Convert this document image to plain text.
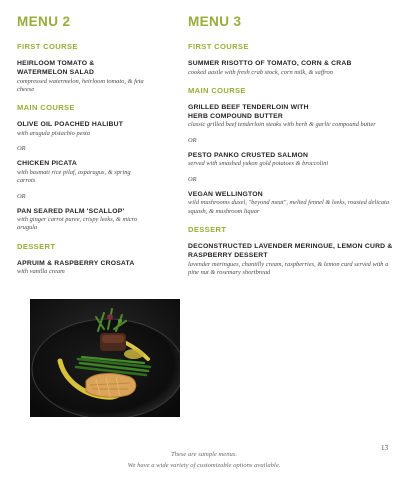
MENU 2
FIRST COURSE
HEIRLOOM TOMATO & WATERMELON SALAD
compressed watermelon, heirloom tomato, & feta cheese
MAIN COURSE
OLIVE OIL POACHED HALIBUT
with arugula pistachio pesto
OR
CHICKEN PICATA
with basmati rice pilaf, asparagus, & spring carrots
OR
PAN SEARED PALM 'SCALLOP'
with ginger carrot puree, crispy leeks, & micro arugula
DESSERT
APRUIM & RASPBERRY CROSATA
with vanilla cream
MENU 3
FIRST COURSE
SUMMER RISOTTO OF TOMATO, CORN & CRAB
cooked aasile with fresh crab stock, corn milk, & saffron
MAIN COURSE
GRILLED BEEF TENDERLOIN WITH HERB COMPOUND BUTTER
classic grilled beef tenderloin steaks with herb & garlic compound butter
OR
PESTO PANKO CRUSTED SALMON
served with smashed yukon gold potatoes & broccolini
OR
VEGAN WELLINGTON
wild mushrooms duxel, "beyond meat", melted fennel & leeks, roasted delicata squash, & mushroom liquor
DESSERT
DECONSTRUCTED LAVENDER MERINGUE, LEMON CURD & RASPBERRY DESSERT
lavender meringues, chantilly cream, raspberries, & lemon curd served with a pine nut & rosemary shortbread
13
These are sample menus.
We have a wide variety of customizable options available.
